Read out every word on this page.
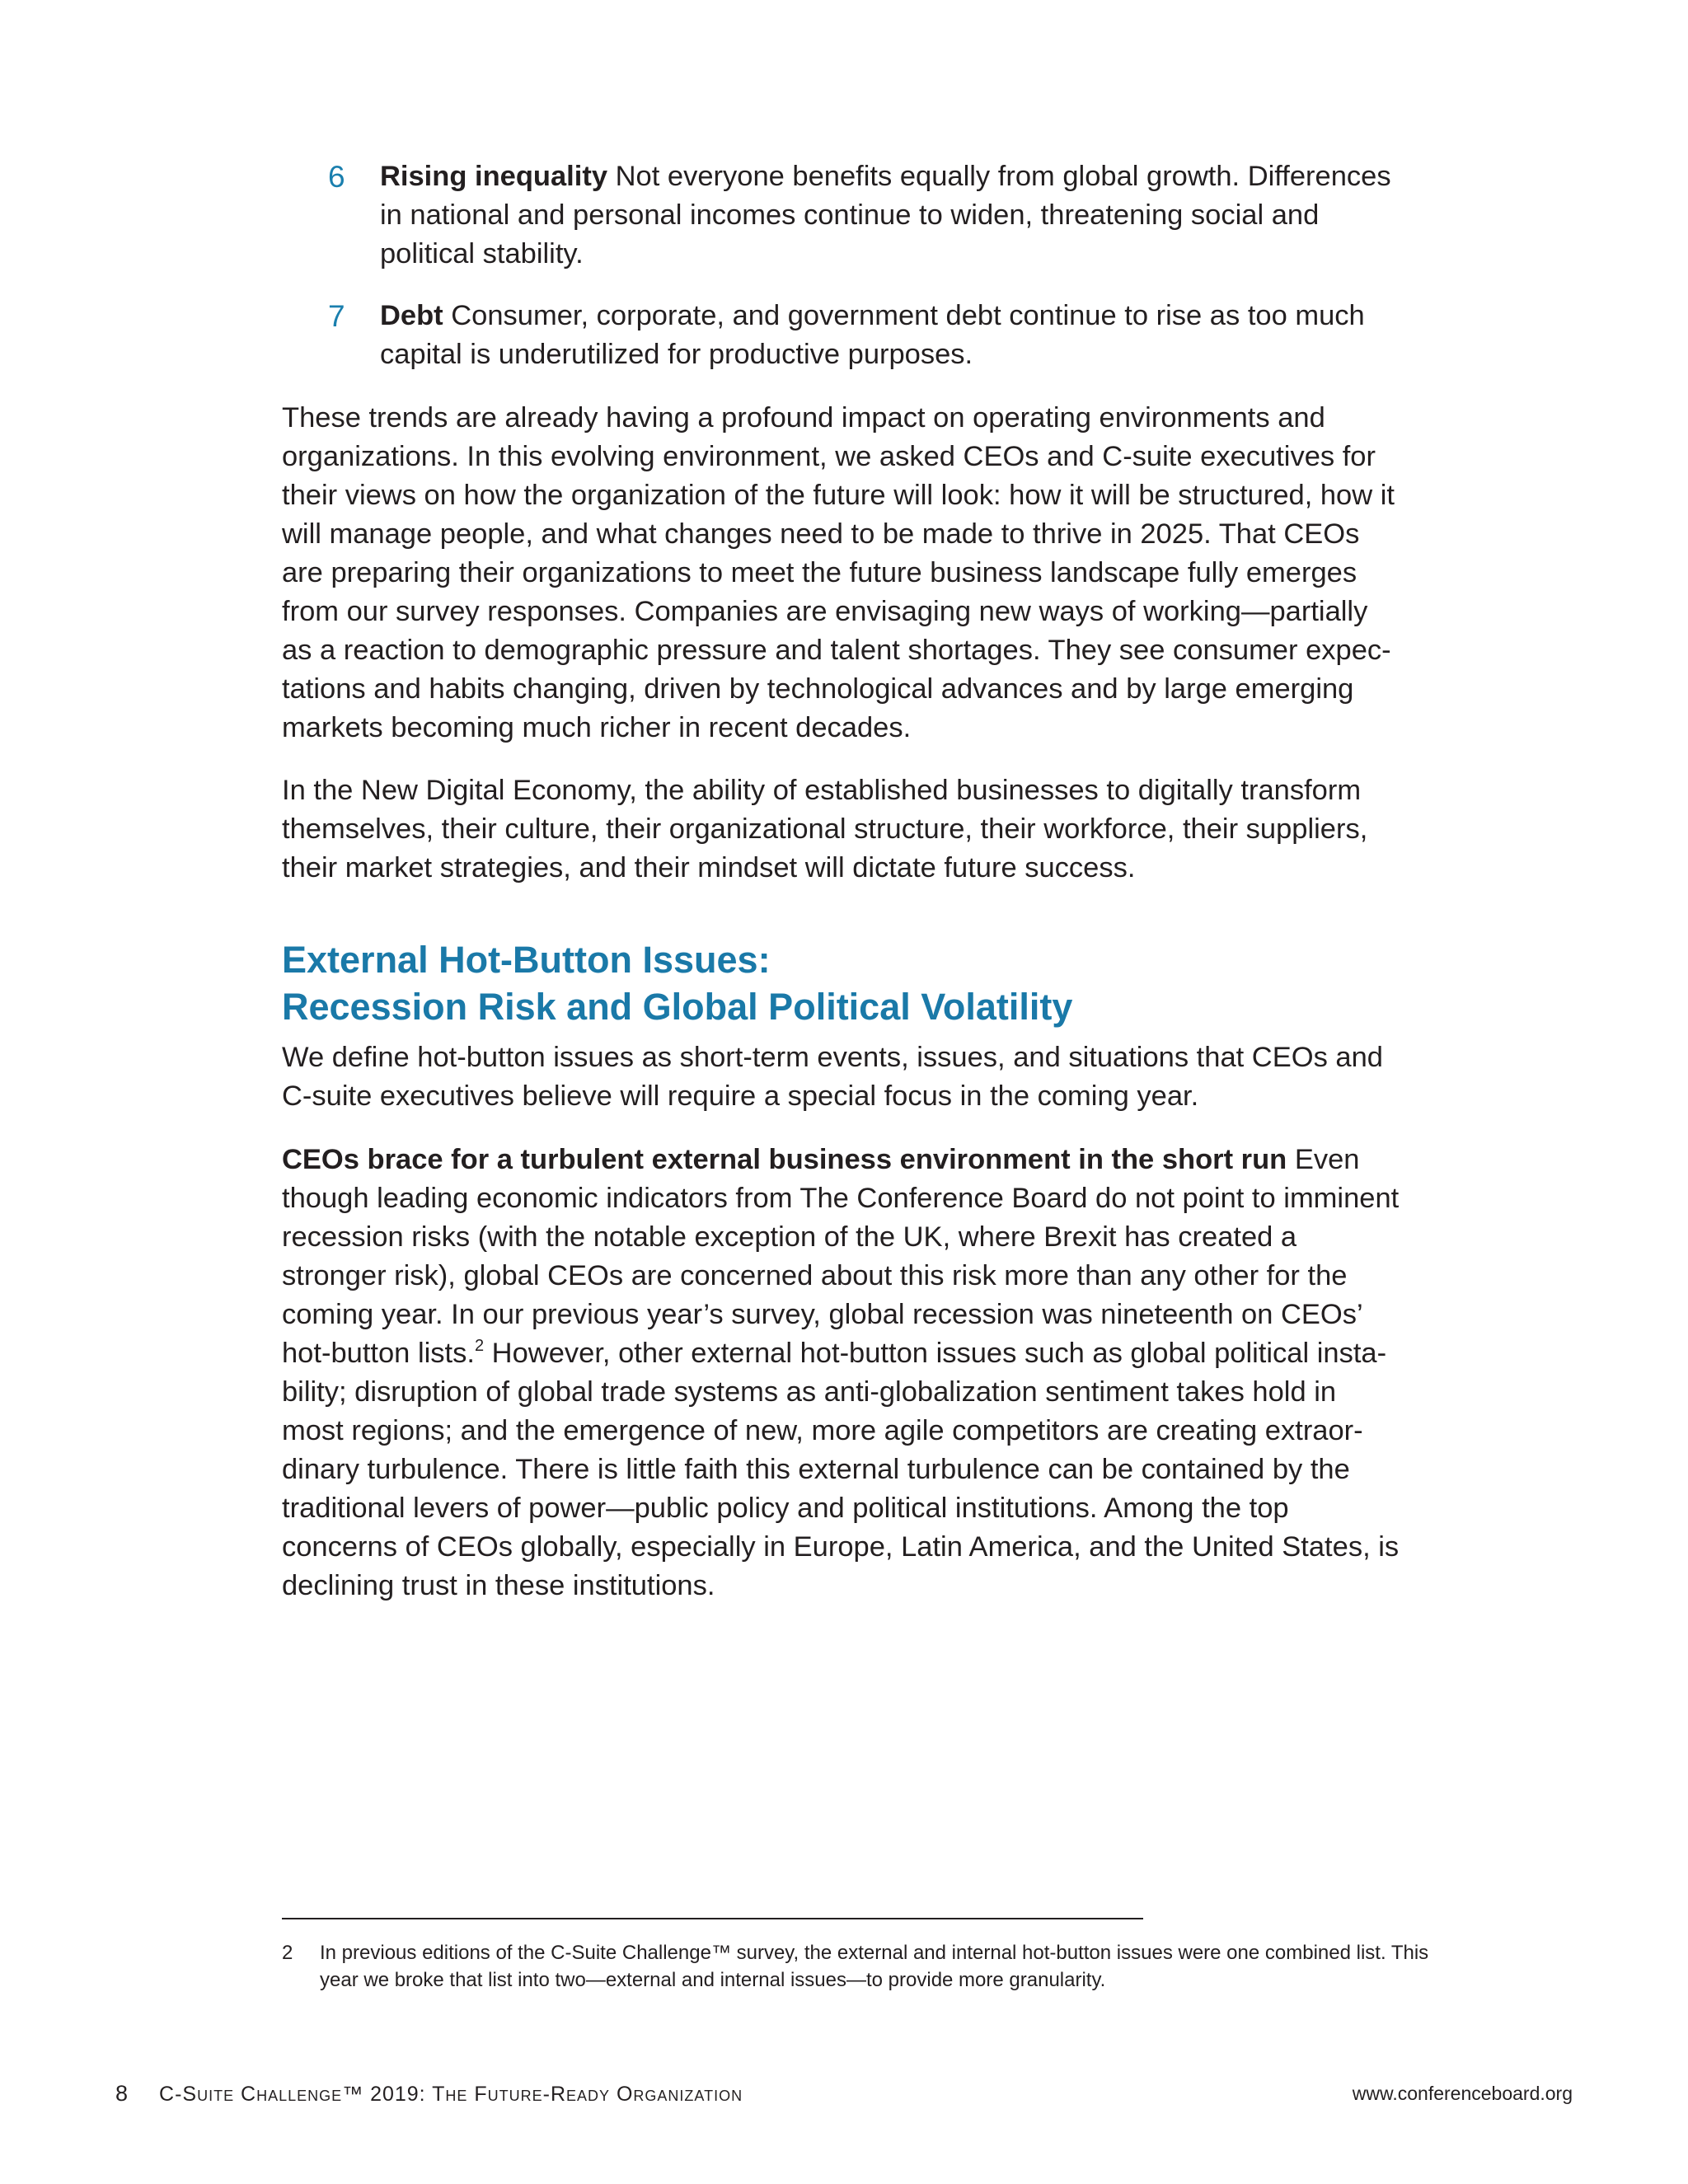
6 Rising inequality Not everyone benefits equally from global growth. Differences in national and personal incomes continue to widen, threatening social and political stability.

7 Debt Consumer, corporate, and government debt continue to rise as too much capital is underutilized for productive purposes.

These trends are already having a profound impact on operating environments and organizations. In this evolving environment, we asked CEOs and C-suite executives for their views on how the organization of the future will look: how it will be structured, how it will manage people, and what changes need to be made to thrive in 2025. That CEOs are preparing their organizations to meet the future business landscape fully emerges from our survey responses. Companies are envisaging new ways of working—partially as a reaction to demographic pressure and talent shortages. They see consumer expec-tations and habits changing, driven by technological advances and by large emerging markets becoming much richer in recent decades.

In the New Digital Economy, the ability of established businesses to digitally transform themselves, their culture, their organizational structure, their workforce, their suppliers, their market strategies, and their mindset will dictate future success.

External Hot-Button Issues:
Recession Risk and Global Political Volatility

We define hot-button issues as short-term events, issues, and situations that CEOs and C-suite executives believe will require a special focus in the coming year.

CEOs brace for a turbulent external business environment in the short run Even though leading economic indicators from The Conference Board do not point to imminent recession risks (with the notable exception of the UK, where Brexit has created a stronger risk), global CEOs are concerned about this risk more than any other for the coming year. In our previous year’s survey, global recession was nineteenth on CEOs’ hot-button lists.$^2$ However, other external hot-button issues such as global political insta-bility; disruption of global trade systems as anti-globalization sentiment takes hold in most regions; and the emergence of new, more agile competitors are creating extraor-dinary turbulence. There is little faith this external turbulence can be contained by the traditional levers of power—public policy and political institutions. Among the top concerns of CEOs globally, especially in Europe, Latin America, and the United States, is declining trust in these institutions.

2 In previous editions of the C-Suite Challenge™ survey, the external and internal hot-button issues were one combined list. This year we broke that list into two—external and internal issues—to provide more granularity.
8 C-Suite Challenge™ 2019: The Future-Ready Organization	www.conferenceboard.org
